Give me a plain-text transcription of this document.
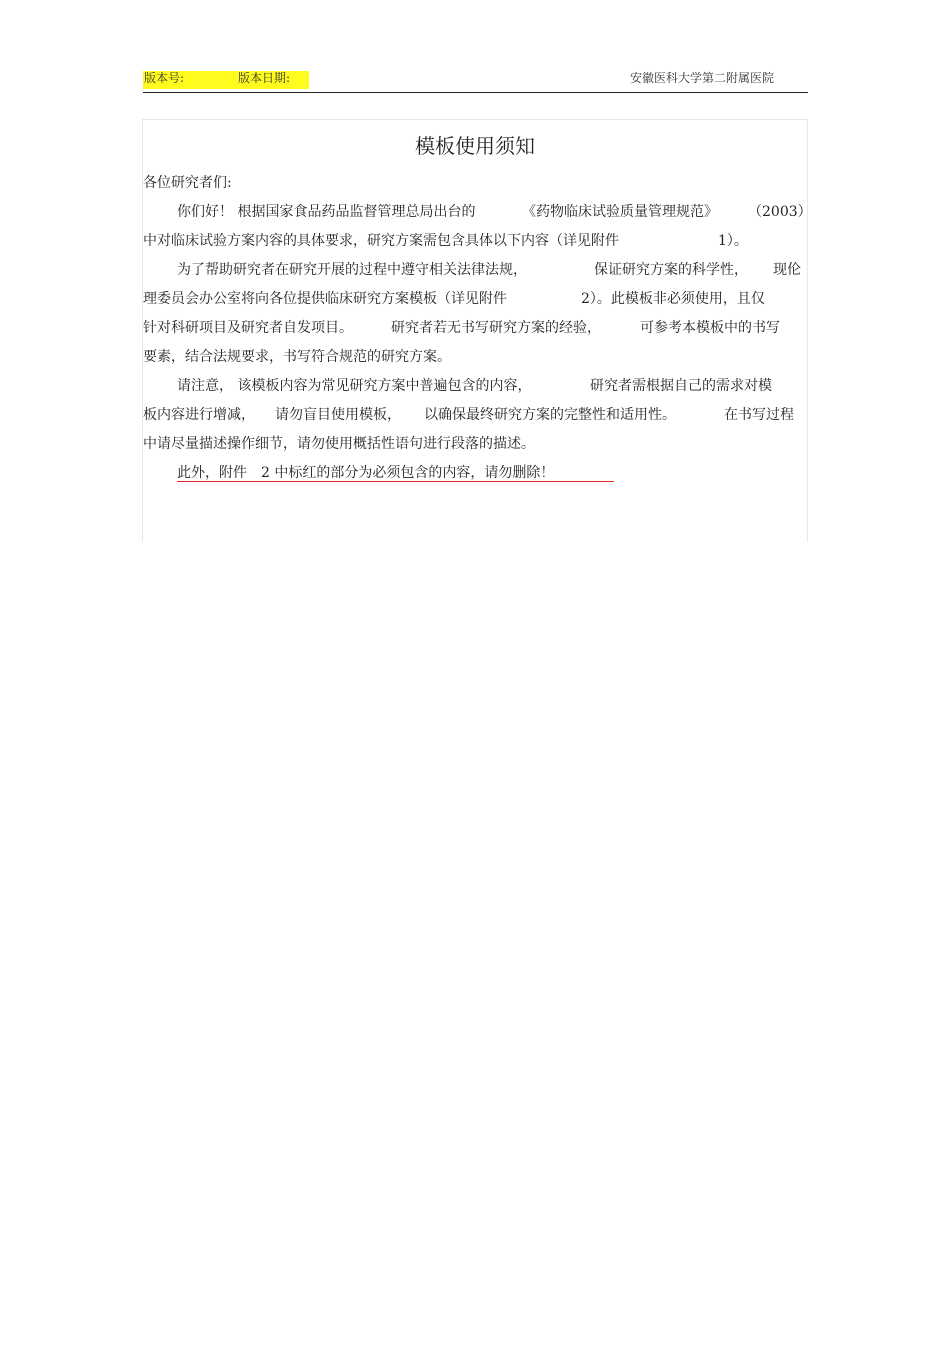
版本号:	版本日期:	安徽医科大学第二附属医院
模板使用须知
各位研究者们:
你们好！ 根据国家食品药品监督管理总局出台的	《药物临床试验质量管理规范》 （2003）
中对临床试验方案内容的具体要求，研究方案需包含具体以下内容（详见附件	1）。
为了帮助研究者在研究开展的过程中遵守相关法律法规，	保证研究方案的科学性， 现伦
理委员会办公室将向各位提供临床研究方案模板（详见附件	2）。此模板非必须使用，且仅
针对科研项目及研究者自发项目。	研究者若无书写研究方案的经验，	可参考本模板中的书写
要素，结合法规要求，书写符合规范的研究方案。
请注意， 该模板内容为常见研究方案中普遍包含的内容，	研究者需根据自己的需求对模
板内容进行增减， 请勿盲目使用模板， 以确保最终研究方案的完整性和适用性。	在书写过程
中请尽量描述操作细节，请勿使用概括性语句进行段落的描述。
此外，附件　2 中标红的部分为必须包含的内容，请勿删除！
